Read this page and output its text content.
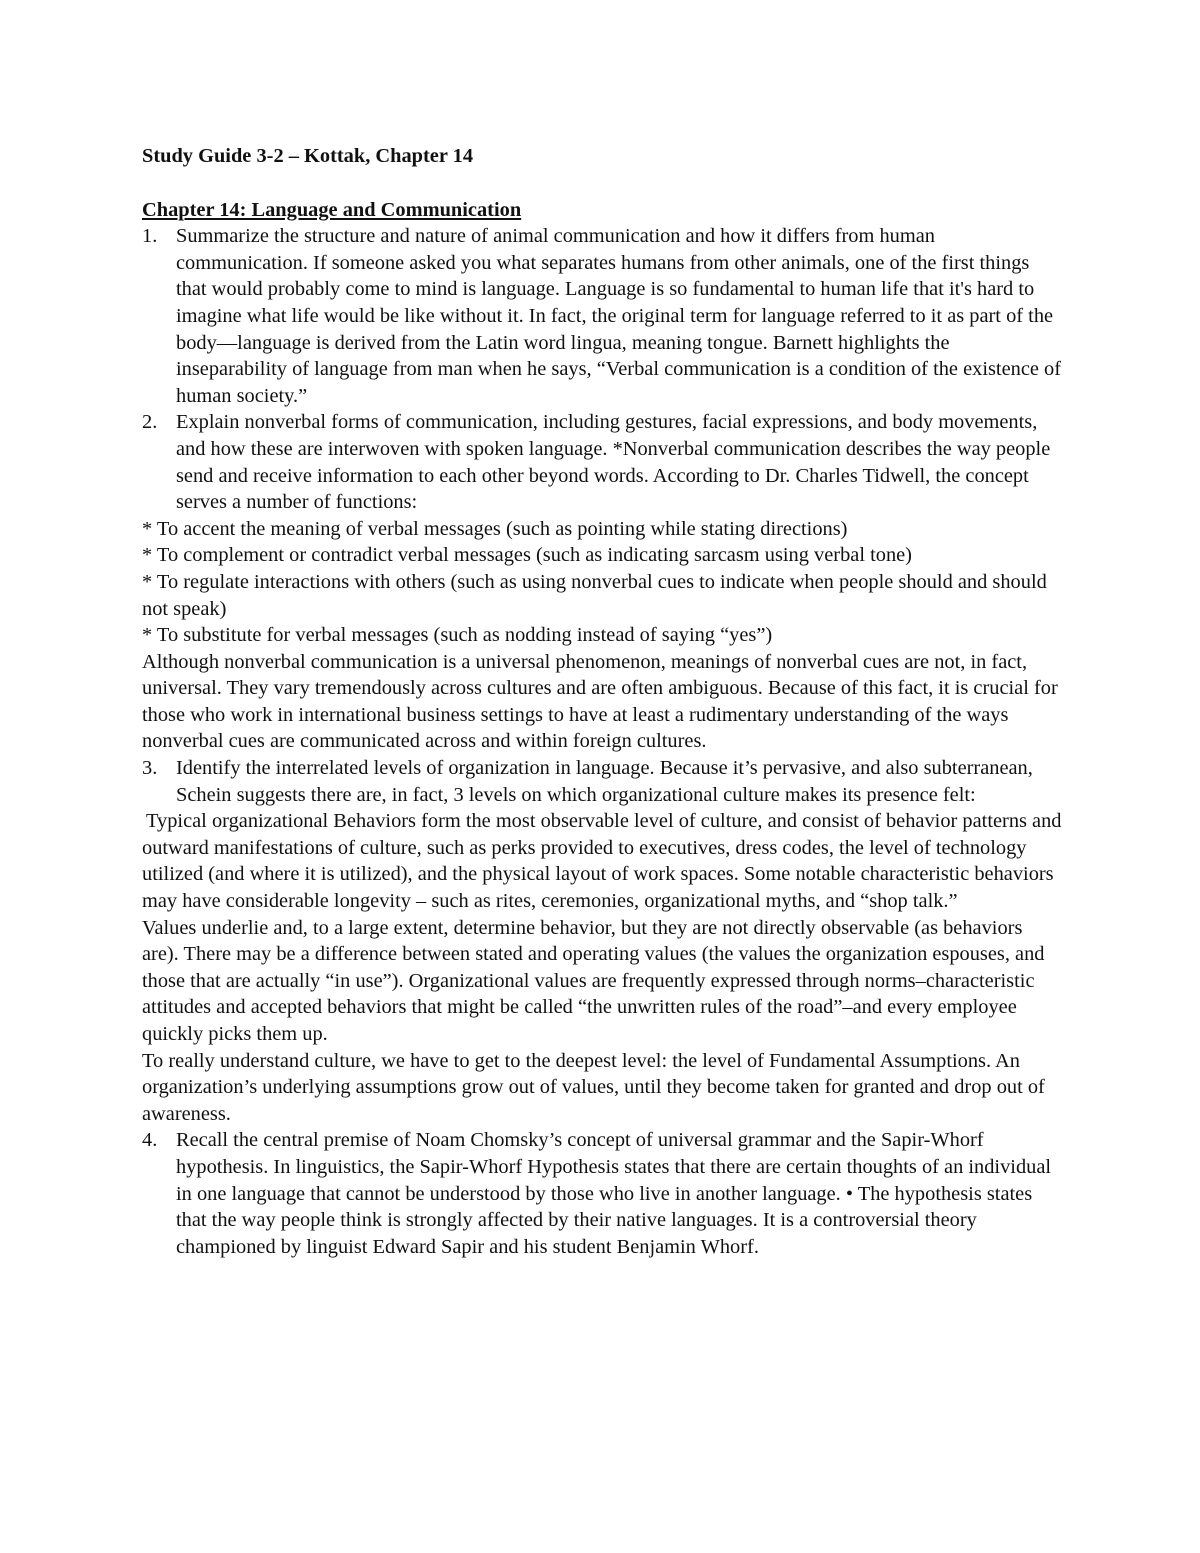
Study Guide 3-2 – Kottak, Chapter 14

Chapter 14: Language and Communication

1. Summarize the structure and nature of animal communication and how it differs from human communication. If someone asked you what separates humans from other animals, one of the first things that would probably come to mind is language. Language is so fundamental to human life that it's hard to imagine what life would be like without it. In fact, the original term for language referred to it as part of the body—language is derived from the Latin word lingua, meaning tongue. Barnett highlights the inseparability of language from man when he says, “Verbal communication is a condition of the existence of human society.”
2. Explain nonverbal forms of communication, including gestures, facial expressions, and body movements, and how these are interwoven with spoken language. *Nonverbal communication describes the way people send and receive information to each other beyond words. According to Dr. Charles Tidwell, the concept serves a number of functions:

* To accent the meaning of verbal messages (such as pointing while stating directions)

* To complement or contradict verbal messages (such as indicating sarcasm using verbal tone)

* To regulate interactions with others (such as using nonverbal cues to indicate when people should and should not speak)

* To substitute for verbal messages (such as nodding instead of saying “yes”)

Although nonverbal communication is a universal phenomenon, meanings of nonverbal cues are not, in fact, universal. They vary tremendously across cultures and are often ambiguous. Because of this fact, it is crucial for those who work in international business settings to have at least a rudimentary understanding of the ways nonverbal cues are communicated across and within foreign cultures.

3. Identify the interrelated levels of organization in language. Because it’s pervasive, and also subterranean, Schein suggests there are, in fact, 3 levels on which organizational culture makes its presence felt:

Typical organizational Behaviors form the most observable level of culture, and consist of behavior patterns and outward manifestations of culture, such as perks provided to executives, dress codes, the level of technology utilized (and where it is utilized), and the physical layout of work spaces. Some notable characteristic behaviors may have considerable longevity – such as rites, ceremonies, organizational myths, and “shop talk.”

Values underlie and, to a large extent, determine behavior, but they are not directly observable (as behaviors are). There may be a difference between stated and operating values (the values the organization espouses, and those that are actually “in use”). Organizational values are frequently expressed through norms–characteristic attitudes and accepted behaviors that might be called “the unwritten rules of the road”–and every employee quickly picks them up.

To really understand culture, we have to get to the deepest level: the level of Fundamental Assumptions. An organization’s underlying assumptions grow out of values, until they become taken for granted and drop out of awareness.

4. Recall the central premise of Noam Chomsky’s concept of universal grammar and the Sapir-Whorf hypothesis. In linguistics, the Sapir-Whorf Hypothesis states that there are certain thoughts of an individual in one language that cannot be understood by those who live in another language. • The hypothesis states that the way people think is strongly affected by their native languages. It is a controversial theory championed by linguist Edward Sapir and his student Benjamin Whorf.
